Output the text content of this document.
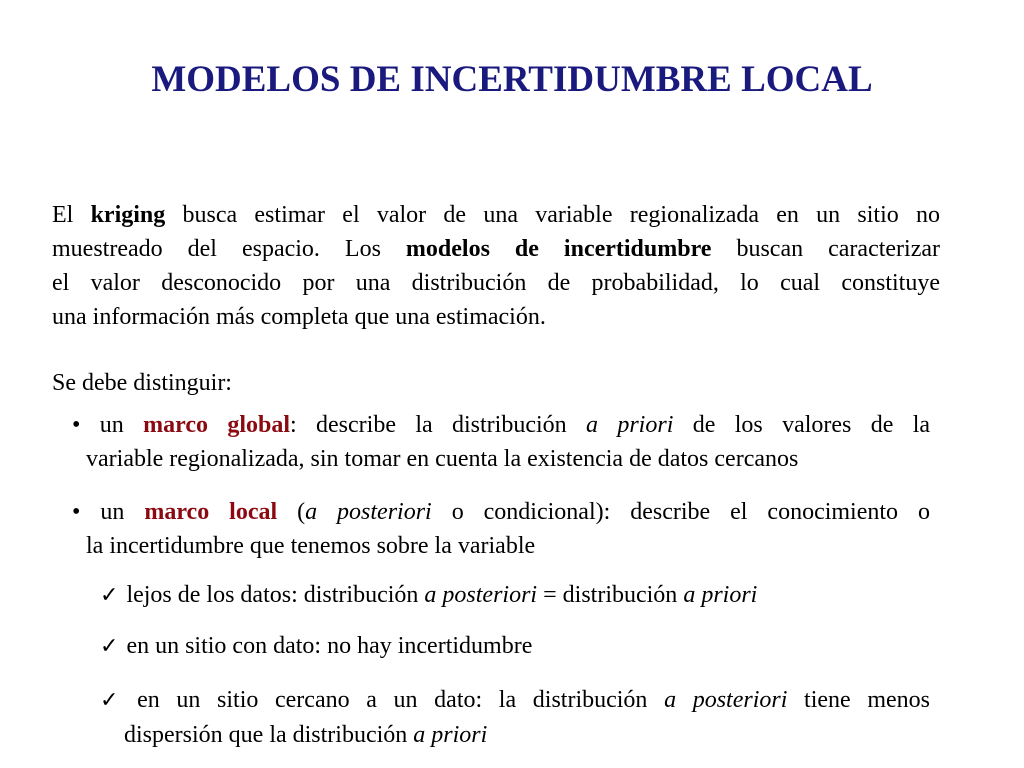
MODELOS DE INCERTIDUMBRE LOCAL
El kriging busca estimar el valor de una variable regionalizada en un sitio no
muestreado del espacio. Los modelos de incertidumbre buscan caracterizar
el valor desconocido por una distribución de probabilidad, lo cual constituye
una información más completa que una estimación.
Se debe distinguir:
• un marco global: describe la distribución a priori de los valores de la
variable regionalizada, sin tomar en cuenta la existencia de datos cercanos
• un marco local (a posteriori o condicional): describe el conocimiento o
la incertidumbre que tenemos sobre la variable
✓ lejos de los datos: distribución a posteriori = distribución a priori
✓ en un sitio con dato: no hay incertidumbre
✓ en un sitio cercano a un dato: la distribución a posteriori tiene menos
dispersión que la distribución a priori
